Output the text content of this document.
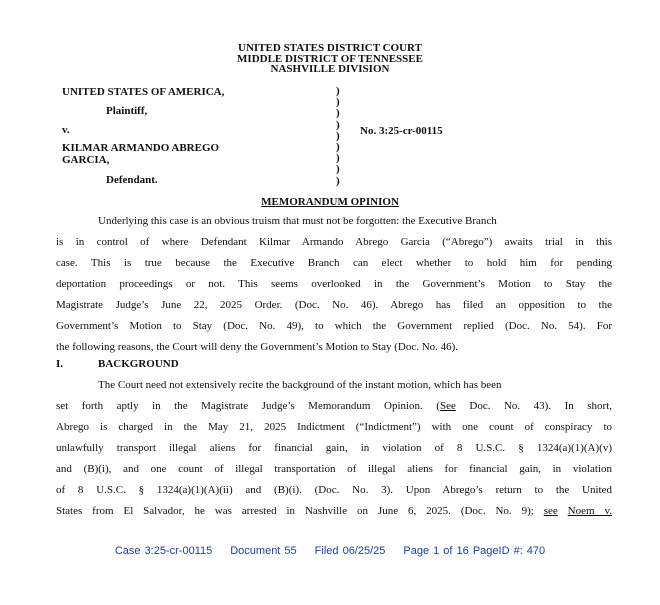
UNITED STATES DISTRICT COURT
MIDDLE DISTRICT OF TENNESSEE
NASHVILLE DIVISION
UNITED STATES OF AMERICA,
Plaintiff,
v.
KILMAR ARMANDO ABREGO
GARCIA,
Defendant.
)
)
)
)
)
)
)
)
)
No. 3:25-cr-00115
MEMORANDUM OPINION
Underlying this case is an obvious truism that must not be forgotten: the Executive Branch
is in control of where Defendant Kilmar Armando Abrego Garcia (“Abrego”) awaits trial in this
case. This is true because the Executive Branch can elect whether to hold him for pending
deportation proceedings or not. This seems overlooked in the Government’s Motion to Stay the
Magistrate Judge’s June 22, 2025 Order. (Doc. No. 46). Abrego has filed an opposition to the
Government’s Motion to Stay (Doc. No. 49), to which the Government replied (Doc. No. 54). For
the following reasons, the Court will deny the Government’s Motion to Stay (Doc. No. 46).
I.	BACKGROUND
The Court need not extensively recite the background of the instant motion, which has been
set forth aptly in the Magistrate Judge’s Memorandum Opinion. (See Doc. No. 43). In short,
Abrego is charged in the May 21, 2025 Indictment (“Indictment”) with one count of conspiracy to
unlawfully transport illegal aliens for financial gain, in violation of 8 U.S.C. § 1324(a)(1)(A)(v)
and (B)(i), and one count of illegal transportation of illegal aliens for financial gain, in violation
of 8 U.S.C. § 1324(a)(1)(A)(ii) and (B)(i). (Doc. No. 3). Upon Abrego’s return to the United
States from El Salvador, he was arrested in Nashville on June 6, 2025. (Doc. No. 9); see Noem v.
Case 3:25-cr-00115 Document 55 Filed 06/25/25 Page 1 of 16 PageID #: 470
